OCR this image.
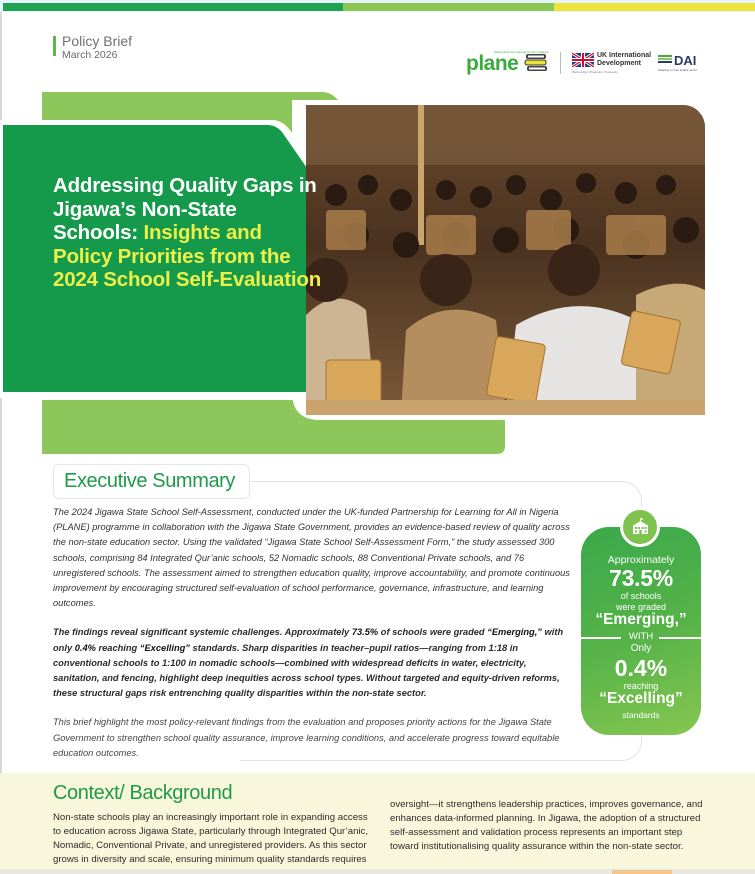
Policy Brief
March 2026	Partnership for Learning for All in Nigeria
plane	UK International
Development
Partnership | Progress | Prosperity
DAI
Shaping a more livable world
Addressing Quality Gaps in Jigawa’s Non-State Schools: Insights and Policy Priorities from the 2024 School Self-Evaluation
Executive Summary

The 2024 Jigawa State School Self-Assessment, conducted under the UK-funded Partnership for Learning for All in Nigeria (PLANE) programme in collaboration with the Jigawa State Government, provides an evidence-based review of quality across the non-state education sector. Using the validated “Jigawa State School Self-Assessment Form,” the study assessed 300 schools, comprising 84 Integrated Qur’anic schools, 52 Nomadic schools, 88 Conventional Private schools, and 76 unregistered schools. The assessment aimed to strengthen education quality, improve accountability, and promote continuous improvement by encouraging structured self-evaluation of school performance, governance, infrastructure, and learning outcomes.

The findings reveal significant systemic challenges. Approximately 73.5% of schools were graded “Emerging,” with only 0.4% reaching “Excelling” standards. Sharp disparities in teacher–pupil ratios—ranging from 1:18 in conventional schools to 1:100 in nomadic schools—combined with widespread deficits in water, electricity, sanitation, and fencing, highlight deep inequities across school types. Without targeted and equity-driven reforms, these structural gaps risk entrenching quality disparities within the non-state sector.

This brief highlight the most policy-relevant findings from the evaluation and proposes priority actions for the Jigawa State Government to strengthen school quality assurance, improve learning conditions, and accelerate progress toward equitable education outcomes.

Approximately
73.5%
of schools
were graded
“Emerging,”
WITH
Only
0.4%
reaching
“Excelling”
standards
Context/ Background
Non-state schools play an increasingly important role in expanding access to education across Jigawa State, particularly through Integrated Qur’anic, Nomadic, Conventional Private, and unregistered providers. As this sector grows in diversity and scale, ensuring minimum quality standards requires
oversight—it strengthens leadership practices, improves governance, and enhances data-informed planning. In Jigawa, the adoption of a structured self-assessment and validation process represents an important step toward institutionalising quality assurance within the non-state sector.
